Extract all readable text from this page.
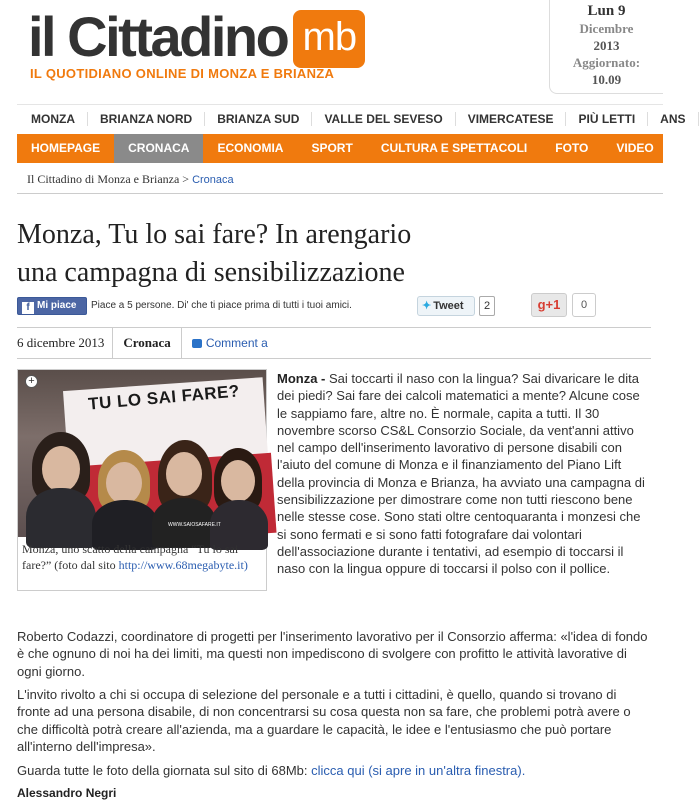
il Cittadino mb
IL QUOTIDIANO ONLINE DI MONZA E BRIANZA
Lun 9
Dicembre
2013
Aggiornato:
10.09
MONZA	BRIANZA NORD	BRIANZA SUD	VALLE DEL SEVESO	VIMERCATESE	PIÙ LETTI	ANS
HOMEPAGE	CRONACA	ECONOMIA	SPORT	CULTURA E SPETTACOLI	FOTO	VIDEO
Il Cittadino di Monza e Brianza > Cronaca
Monza, Tu lo sai fare? In arengario
una campagna di sensibilizzazione
f Mi piace	Piace a 5 persone. Di' che ti piace prima di tutti i tuoi amici.	✦ Tweet	2	g+1	0
6 dicembre 2013	Cronaca	Comment a
TU LO SAI FARE?
WWW.SAIOSAFARE.IT
+
Monza, uno scatto della campagna “Tu lo sai fare?” (foto dal sito http://www.68megabyte.it)

Monza - Sai toccarti il naso con la lingua? Sai divaricare le dita dei piedi? Sai fare dei calcoli matematici a mente? Alcune cose le sappiamo fare, altre no. È normale, capita a tutti. Il 30 novembre scorso CS&L Consorzio Sociale, da vent'anni attivo nel campo dell'inserimento lavorativo di persone disabili con l'aiuto del comune di Monza e il finanziamento del Piano Lift della provincia di Monza e Brianza, ha avviato una campagna di sensibilizzazione per dimostrare come non tutti riescono bene nelle stesse cose. Sono stati oltre centoquaranta i monzesi che si sono fermati e si sono fatti fotografare dai volontari dell'associazione durante i tentativi, ad esempio di toccarsi il naso con la lingua oppure di toccarsi il polso con il pollice.

Roberto Codazzi, coordinatore di progetti per l'inserimento lavorativo per il Consorzio afferma: «l'idea di fondo è che ognuno di noi ha dei limiti, ma questi non impediscono di svolgere con profitto le attività lavorative di ogni giorno.

L'invito rivolto a chi si occupa di selezione del personale e a tutti i cittadini, è quello, quando si trovano di fronte ad una persona disabile, di non concentrarsi su cosa questa non sa fare, che problemi potrà avere o che difficoltà potrà creare all'azienda, ma a guardare le capacità, le idee e l'entusiasmo che può portare all'interno dell'impresa».

Guarda tutte le foto della giornata sul sito di 68Mb: clicca qui (si apre in un'altra finestra).

Alessandro Negri
